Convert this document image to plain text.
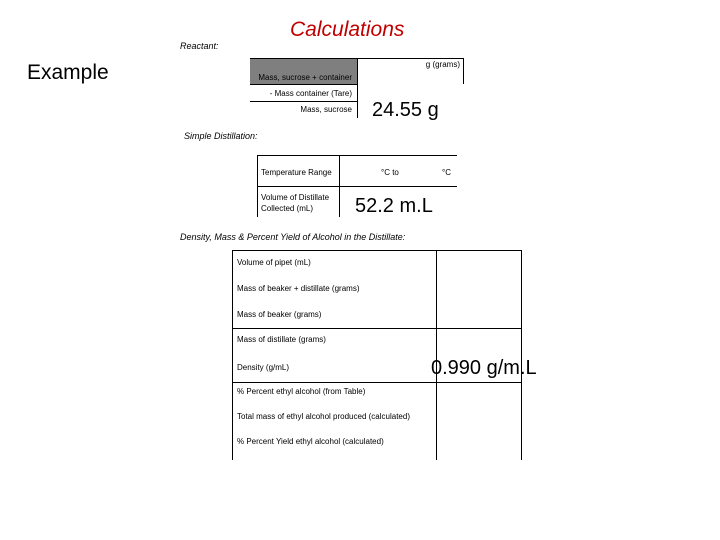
Calculations
Example
Reactant:
g (grams)
Mass, sucrose + container
- Mass container (Tare)
Mass, sucrose 24.55 g
Simple Distillation:
Temperature Range	°C to	°C
Volume of Distillate
Collected (mL) 52.2 m.L
Density, Mass & Percent Yield of Alcohol in the Distillate:
Volume of pipet (mL)
Mass of beaker + distillate (grams)
Mass of beaker (grams)
Mass of distillate (grams)
Density (g/mL)
% Percent ethyl alcohol (from Table)
Total mass of ethyl alcohol produced (calculated)
% Percent Yield ethyl alcohol (calculated)
0.990 g/m.L
